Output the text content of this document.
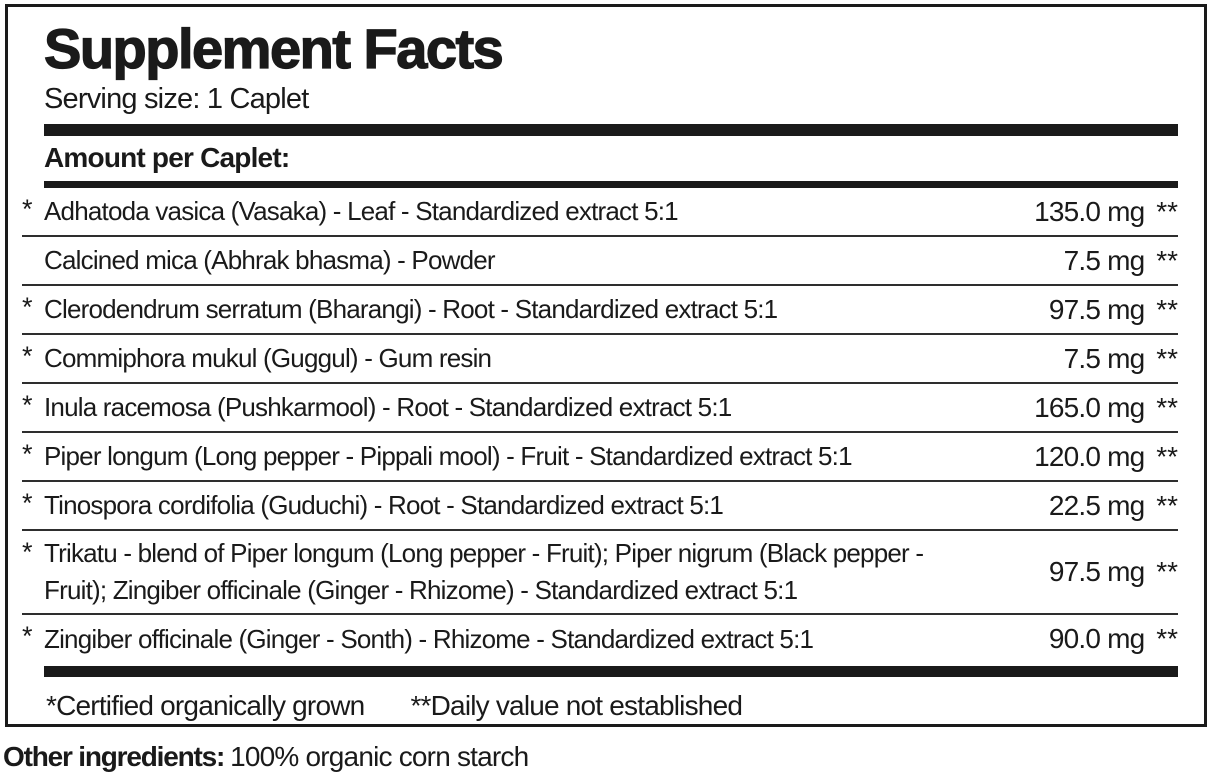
Supplement Facts
Serving size: 1 Caplet
Amount per Caplet:
* Adhatoda vasica (Vasaka) - Leaf - Standardized extract 5:1	135.0 mg **
Calcined mica (Abhrak bhasma) - Powder	7.5 mg **
* Clerodendrum serratum (Bharangi) - Root - Standardized extract 5:1	97.5 mg **
* Commiphora mukul (Guggul) - Gum resin	7.5 mg **
* Inula racemosa (Pushkarmool) - Root - Standardized extract 5:1	165.0 mg **
* Piper longum (Long pepper - Pippali mool) - Fruit - Standardized extract 5:1	120.0 mg **
* Tinospora cordifolia (Guduchi) - Root - Standardized extract 5:1	22.5 mg **
* Trikatu - blend of Piper longum (Long pepper - Fruit); Piper nigrum (Black pepper - Fruit); Zingiber officinale (Ginger - Rhizome) - Standardized extract 5:1
97.5 mg **
* Zingiber officinale (Ginger - Sonth) - Rhizome - Standardized extract 5:1	90.0 mg **
*Certified organically grown **Daily value not established
Other ingredients: 100% organic corn starch
